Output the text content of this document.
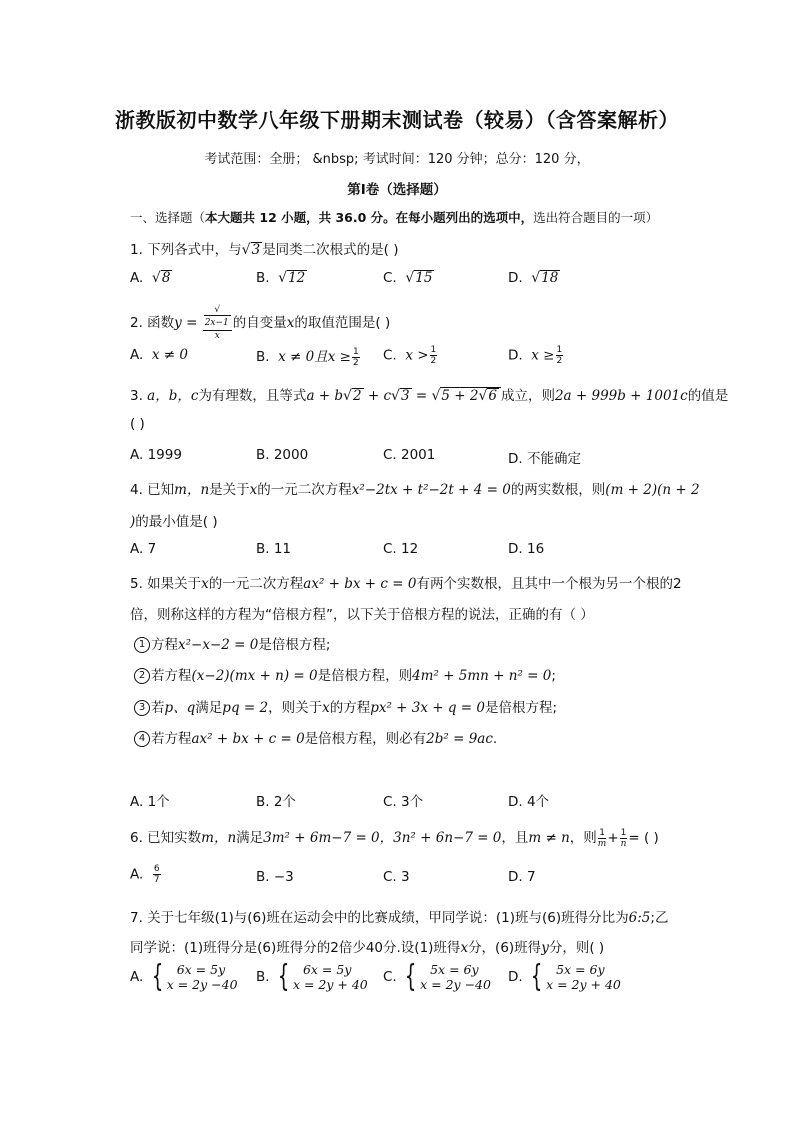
浙教版初中数学八年级下册期末测试卷（较易）（含答案解析）
考试范围：全册； &nbsp; 考试时间：120 分钟；总分：120 分，
第Ⅰ卷（选择题）
一、选择题（本大题共 12 小题，共 36.0 分。在每小题列出的选项中，选出符合题目的一项）
1. 下列各式中，与√3 是同类二次根式的是( )
A. √8	B. √12	C. √15	D. √18
2. 函数y = √
2x−1
x 的自变量x的取值范围是( )
A. x ≠ 0	B. x ≠ 0且$x \ge \frac{1}{2} C$. $x > \frac{1}{2}$	D. $x \ge \frac{1}{2}$
3. a，b，c为有理数，且等式a + b√2 + c√3 = √5 + 2√6 成立，则2a + 999b + 1001c的值是
( )
A. 1999	B. 2000	C. 2001	D. 不能确定
4. 已知m，n是关于x的一元二次方程x²−2tx + t²−2t + 4 = 0的两实数根，则(m + 2)(n + 2
)的最小值是( )
A. 7	B. 11	C. 12	D. 16
5. 如果关于x的一元二次方程ax² + bx + c = 0有两个实数根，且其中一个根为另一个根的2
倍，则称这样的方程为“倍根方程”，以下关于倍根方程的说法，正确的有（ ）
1 方程x²−x−2 = 0是倍根方程;
2 若方程(x−2)(mx + n) = 0是倍根方程，则4m² + 5mn + n² = 0;
3 若p、q满足pq = 2，则关于x的方程px² + 3x + q = 0是倍根方程;
4 若方程ax² + bx + c = 0是倍根方程，则必有2b² = 9ac.
A. 1个	B. 2个	C. 3个	D. 4个
6. 已知实数m，n满足3m² + 6m−7 = 0，3n² + 6n−7 = 0，且m ≠ n，则 $\frac{1}{m} + \frac{1}{n}$ = ( )
A. $\frac{6}{7}$	B. −3	C. 3	D. 7
7. 关于七年级(1)与(6)班在运动会中的比赛成绩，甲同学说：(1)班与(6)班得分比为6:5;乙
同学说：(1)班得分是(6)班得分的2倍少40分.设(1)班得x分，(6)班得y分，则( )
A. {	6x = 5y
x = 2y −40 B. {	6x = 5y
x = 2y + 40 C. {	5x = 6y
x = 2y −40 D. {	5x = 6y
x = 2y + 40
